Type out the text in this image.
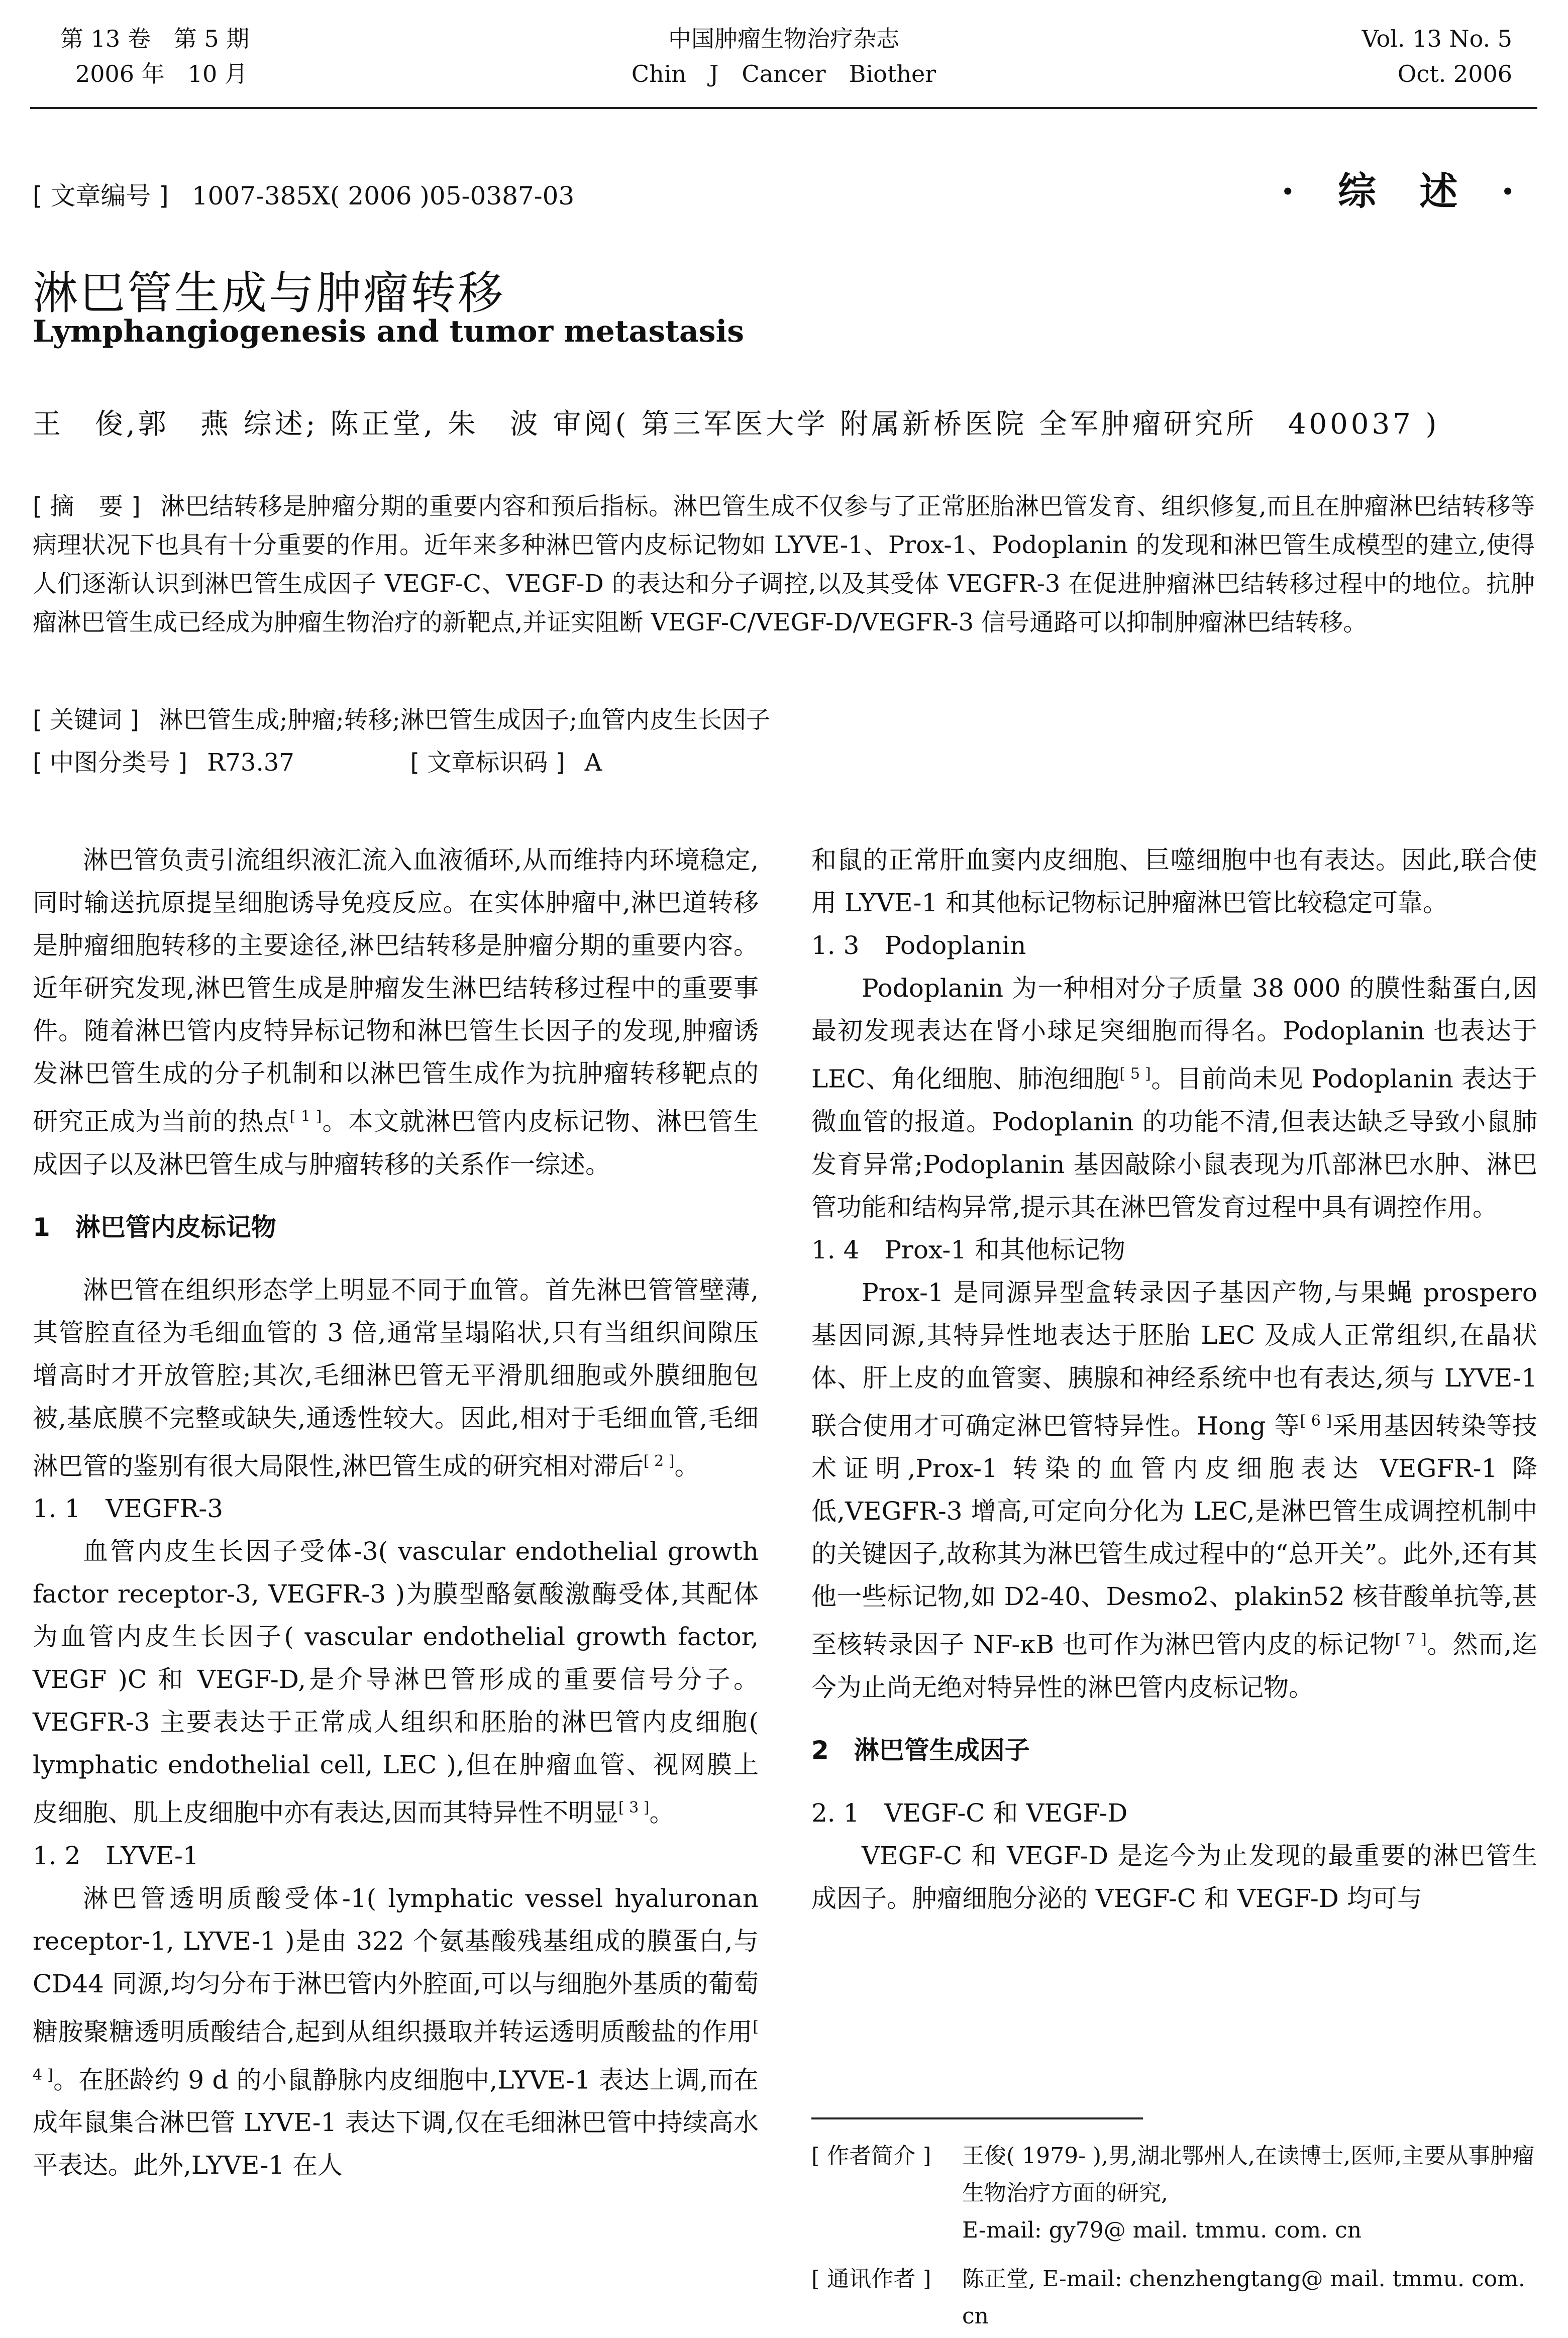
第 13 卷　第 5 期
2006 年　10 月
中国肿瘤生物治疗杂志
Chin　J　Cancer　Biother
Vol. 13 No. 5
Oct. 2006
[ 文章编号 ] 1007-385X( 2006 )05-0387-03	· 综 述 ·
淋巴管生成与肿瘤转移
Lymphangiogenesis and tumor metastasis
王　俊,郭　燕 综述; 陈正堂, 朱　波 审阅( 第三军医大学 附属新桥医院 全军肿瘤研究所　400037 )
[ 摘　要 ] 淋巴结转移是肿瘤分期的重要内容和预后指标。淋巴管生成不仅参与了正常胚胎淋巴管发育、组织修复,而且在肿瘤淋巴结转移等病理状况下也具有十分重要的作用。近年来多种淋巴管内皮标记物如 LYVE-1、Prox-1、Podoplanin 的发现和淋巴管生成模型的建立,使得人们逐渐认识到淋巴管生成因子 VEGF-C、VEGF-D 的表达和分子调控,以及其受体 VEGFR-3 在促进肿瘤淋巴结转移过程中的地位。抗肿瘤淋巴管生成已经成为肿瘤生物治疗的新靶点,并证实阻断 VEGF-C/VEGF-D/VEGFR-3 信号通路可以抑制肿瘤淋巴结转移。
[ 关键词 ] 淋巴管生成;肿瘤;转移;淋巴管生成因子;血管内皮生长因子
[ 中图分类号 ] R73.37	[ 文章标识码 ] A

淋巴管负责引流组织液汇流入血液循环,从而维持内环境稳定,同时输送抗原提呈细胞诱导免疫反应。在实体肿瘤中,淋巴道转移是肿瘤细胞转移的主要途径,淋巴结转移是肿瘤分期的重要内容。近年研究发现,淋巴管生成是肿瘤发生淋巴结转移过程中的重要事件。随着淋巴管内皮特异标记物和淋巴管生长因子的发现,肿瘤诱发淋巴管生成的分子机制和以淋巴管生成作为抗肿瘤转移靶点的研究正成为当前的热点[ 1 ]。本文就淋巴管内皮标记物、淋巴管生成因子以及淋巴管生成与肿瘤转移的关系作一综述。

1　淋巴管内皮标记物

淋巴管在组织形态学上明显不同于血管。首先淋巴管管壁薄,其管腔直径为毛细血管的 3 倍,通常呈塌陷状,只有当组织间隙压增高时才开放管腔;其次,毛细淋巴管无平滑肌细胞或外膜细胞包被,基底膜不完整或缺失,通透性较大。因此,相对于毛细血管,毛细淋巴管的鉴别有很大局限性,淋巴管生成的研究相对滞后[ 2 ]。

1. 1　VEGFR-3

血管内皮生长因子受体-3( vascular endothelial growth factor receptor-3, VEGFR-3 )为膜型酪氨酸激酶受体,其配体为血管内皮生长因子( vascular endothelial growth factor, VEGF )C 和 VEGF-D,是介导淋巴管形成的重要信号分子。VEGFR-3 主要表达于正常成人组织和胚胎的淋巴管内皮细胞( lymphatic endothelial cell, LEC ),但在肿瘤血管、视网膜上皮细胞、肌上皮细胞中亦有表达,因而其特异性不明显[ 3 ]。

1. 2　LYVE-1

淋巴管透明质酸受体-1( lymphatic vessel hyaluronan receptor-1, LYVE-1 )是由 322 个氨基酸残基组成的膜蛋白,与 CD44 同源,均匀分布于淋巴管内外腔面,可以与细胞外基质的葡萄糖胺聚糖透明质酸结合,起到从组织摄取并转运透明质酸盐的作用[ 4 ]。在胚龄约 9 d 的小鼠静脉内皮细胞中,LYVE-1 表达上调,而在成年鼠集合淋巴管 LYVE-1 表达下调,仅在毛细淋巴管中持续高水平表达。此外,LYVE-1 在人

和鼠的正常肝血窦内皮细胞、巨噬细胞中也有表达。因此,联合使用 LYVE-1 和其他标记物标记肿瘤淋巴管比较稳定可靠。

1. 3　Podoplanin

Podoplanin 为一种相对分子质量 38 000 的膜性黏蛋白,因最初发现表达在肾小球足突细胞而得名。Podoplanin 也表达于 LEC、角化细胞、肺泡细胞[ 5 ]。目前尚未见 Podoplanin 表达于微血管的报道。Podoplanin 的功能不清,但表达缺乏导致小鼠肺发育异常;Podoplanin 基因敲除小鼠表现为爪部淋巴水肿、淋巴管功能和结构异常,提示其在淋巴管发育过程中具有调控作用。

1. 4　Prox-1 和其他标记物

Prox-1 是同源异型盒转录因子基因产物,与果蝇 prospero 基因同源,其特异性地表达于胚胎 LEC 及成人正常组织,在晶状体、肝上皮的血管窦、胰腺和神经系统中也有表达,须与 LYVE-1 联合使用才可确定淋巴管特异性。Hong 等[ 6 ]采用基因转染等技术证明,Prox-1 转染的血管内皮细胞表达 VEGFR-1 降低,VEGFR-3 增高,可定向分化为 LEC,是淋巴管生成调控机制中的关键因子,故称其为淋巴管生成过程中的“总开关”。此外,还有其他一些标记物,如 D2-40、Desmo2、plakin52 核苷酸单抗等,甚至核转录因子 NF-κB 也可作为淋巴管内皮的标记物[ 7 ]。然而,迄今为止尚无绝对特异性的淋巴管内皮标记物。

2　淋巴管生成因子
2. 1　VEGF-C 和 VEGF-D

VEGF-C 和 VEGF-D 是迄今为止发现的最重要的淋巴管生成因子。肿瘤细胞分泌的 VEGF-C 和 VEGF-D 均可与

[ 作者简介 ]	王俊( 1979- ),男,湖北鄂州人,在读博士,医师,主要从事肿瘤生物治疗方面的研究,
E-mail: gy79@ mail. tmmu. com. cn
[ 通讯作者 ]	陈正堂, E-mail: chenzhengtang@ mail. tmmu. com. cn
